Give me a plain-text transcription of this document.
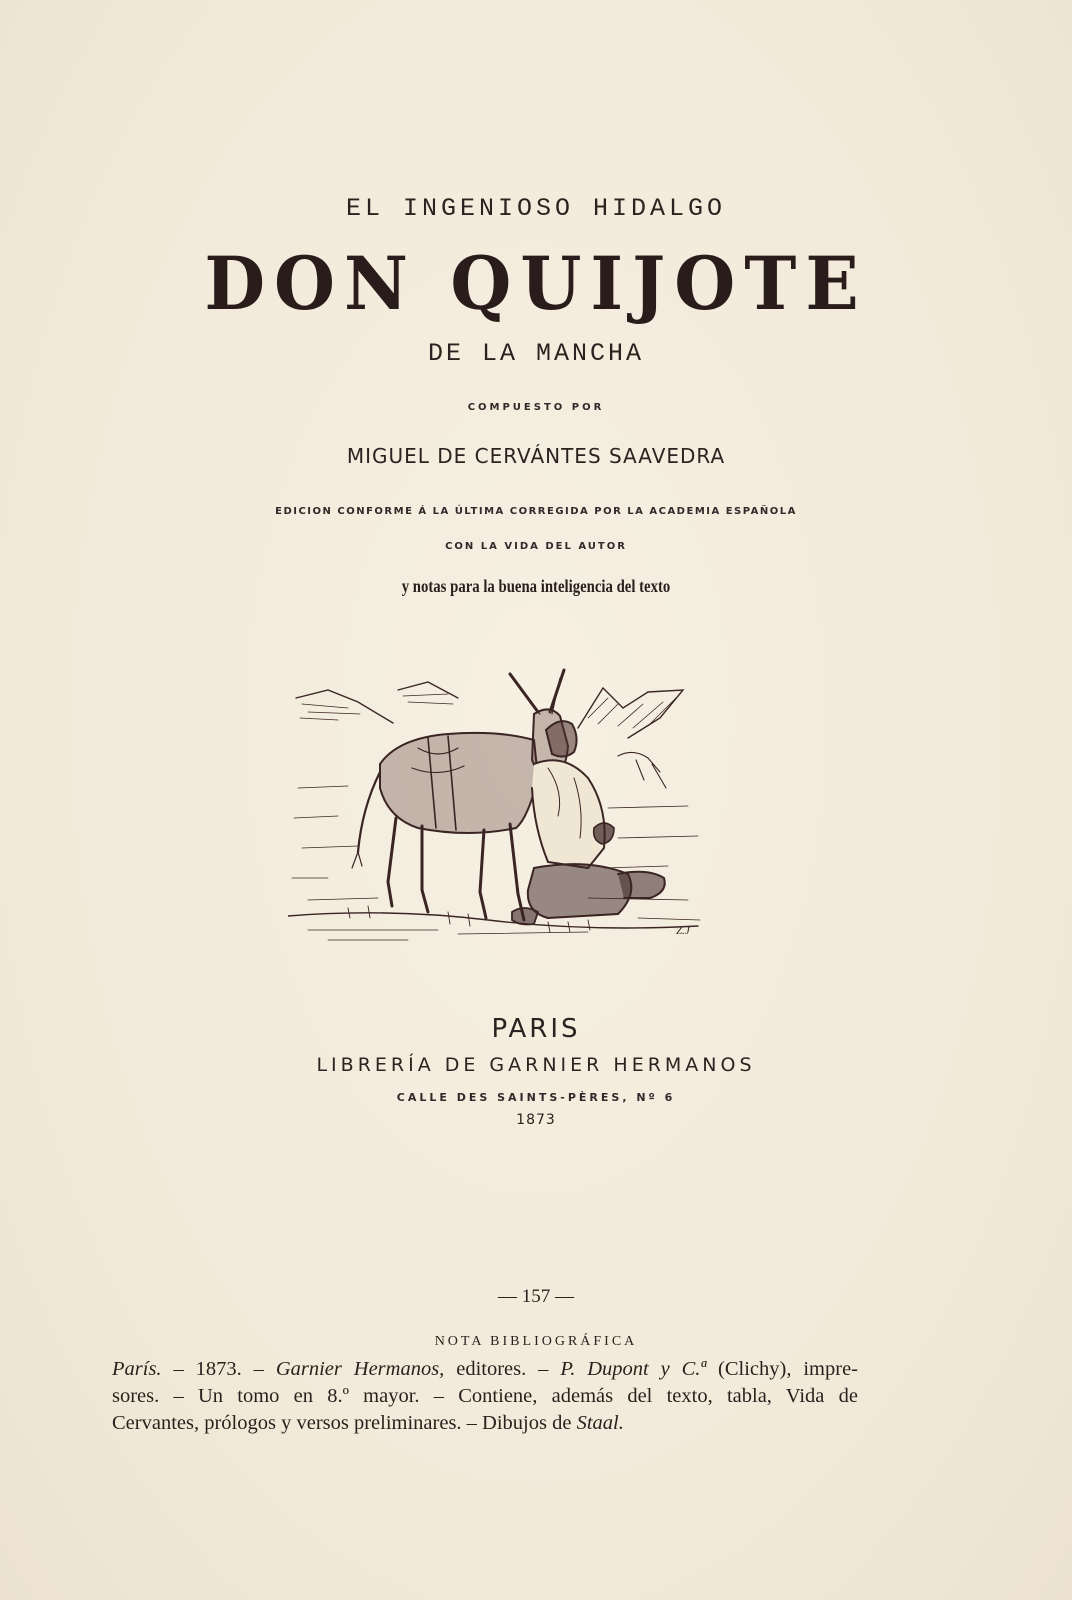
EL INGENIOSO HIDALGO
DON QUIJOTE
DE LA MANCHA
COMPUESTO POR
MIGUEL DE CERVÁNTES SAAVEDRA
EDICION CONFORME Á LA ÚLTIMA CORREGIDA POR LA ACADEMIA ESPAÑOLA
CON LA VIDA DEL AUTOR
y notas para la buena inteligencia del texto
Z.J
PARIS
LIBRERÍA DE GARNIER HERMANOS
CALLE DES SAINTS-PÈRES, Nº 6
1873
— 157 —
NOTA BIBLIOGRÁFICA
París. – 1873. – Garnier Hermanos, editores. – P. Dupont y C.ª (Clichy), impre-
sores. – Un tomo en 8.º mayor. – Contiene, además del texto, tabla, Vida de
Cervantes, prólogos y versos preliminares. – Dibujos de Staal.
